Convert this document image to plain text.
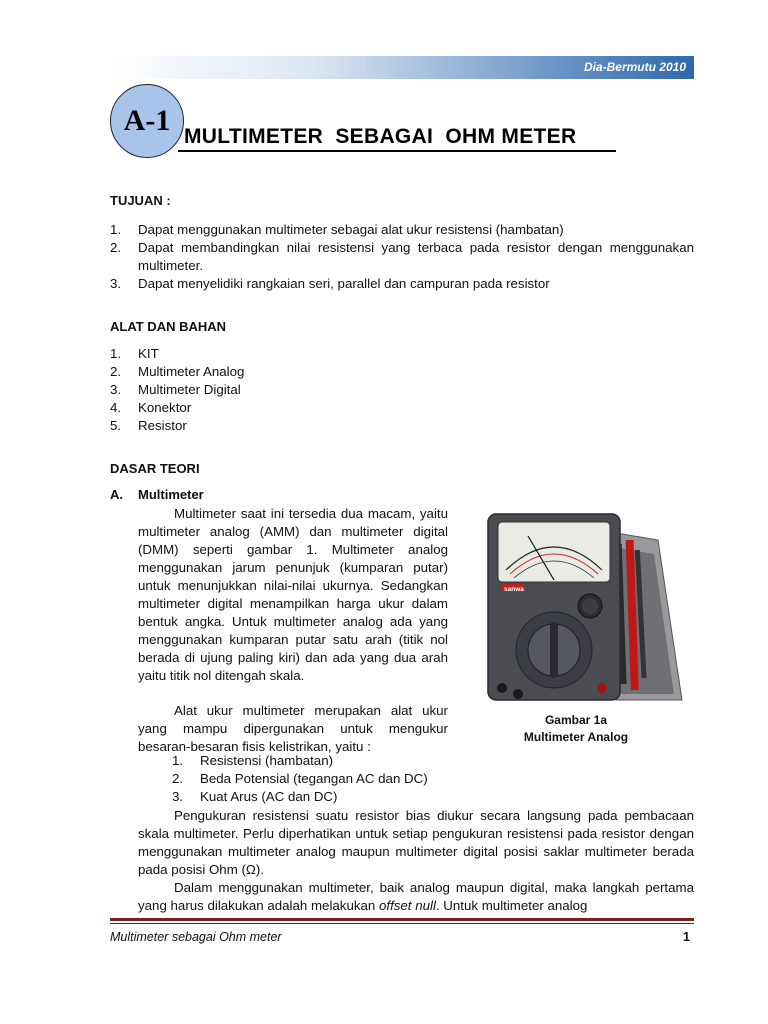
Dia-Bermutu 2010
A-1 MULTIMETER  SEBAGAI  OHM METER
TUJUAN :
1. Dapat menggunakan multimeter sebagai alat ukur resistensi (hambatan)
2. Dapat membandingkan nilai resistensi yang terbaca pada resistor dengan menggunakan multimeter.
3. Dapat menyelidiki rangkaian seri, parallel dan campuran pada resistor
ALAT DAN BAHAN
1. KIT
2. Multimeter Analog
3. Multimeter Digital
4. Konektor
5. Resistor
DASAR TEORI
A. Multimeter
Multimeter saat ini tersedia dua macam, yaitu multimeter analog (AMM) dan multimeter digital (DMM) seperti gambar 1. Multimeter analog menggunakan jarum penunjuk (kumparan putar) untuk menunjukkan nilai-nilai ukurnya. Sedangkan multimeter digital menampilkan harga ukur dalam bentuk angka. Untuk multimeter analog ada yang menggunakan kumparan putar satu arah (titik nol berada di ujung paling kiri) dan ada yang dua arah yaitu titik nol ditengah skala.
Alat ukur multimeter merupakan alat ukur yang mampu dipergunakan untuk mengukur besaran-besaran fisis kelistrikan, yaitu :
1. Resistensi (hambatan)
2. Beda Potensial (tegangan AC dan DC)
3. Kuat Arus (AC dan DC)
Pengukuran resistensi suatu resistor bias diukur secara langsung pada pembacaan skala multimeter. Perlu diperhatikan untuk setiap pengukuran resistensi pada resistor dengan menggunakan multimeter analog maupun multimeter digital posisi saklar multimeter berada pada posisi Ohm (Ω).
Dalam menggunakan multimeter, baik analog maupun digital, maka langkah pertama yang harus dilakukan adalah melakukan offset null. Untuk multimeter analog
sanwa
Gambar 1a
Multimeter Analog
Multimeter sebagai Ohm meter	1
